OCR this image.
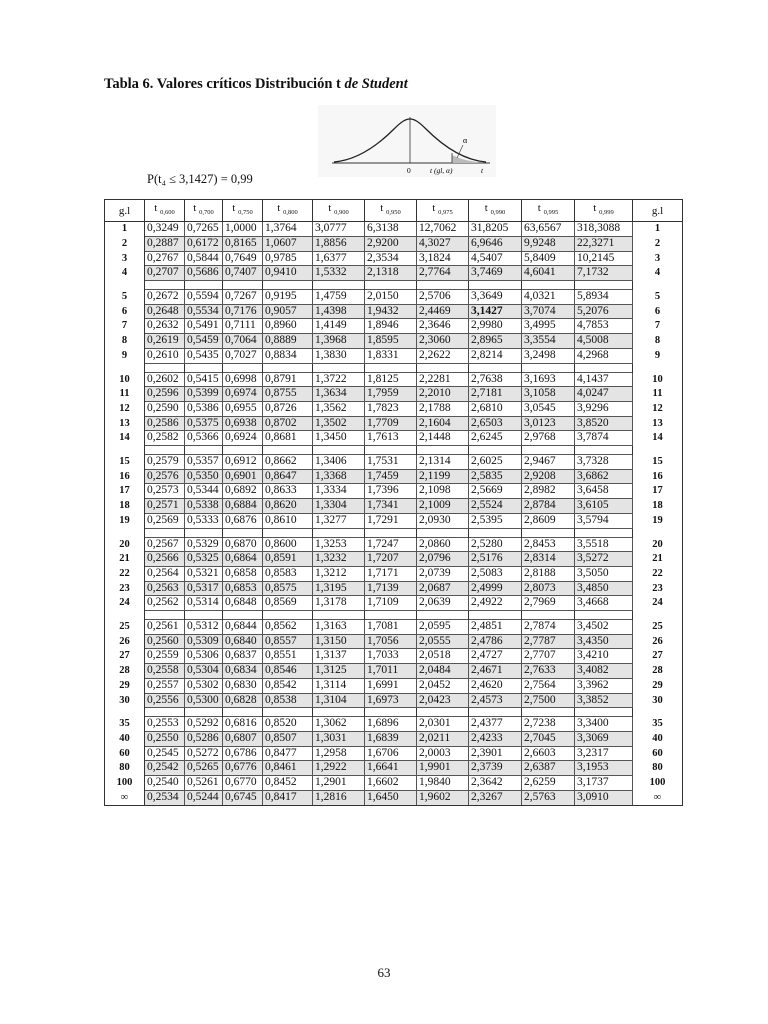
Tabla 6. Valores críticos Distribución t de Student
α
0	t (gl, α)	t
P(t₄ ≤ 3,1427) = 0,99
g.l	t $_{0,600}$	t $_{0,700}$	t $_{0,750}$	t $_{0,800}$	t $_{0,900}$	t $_{0,950}$	t $_{0,975}$	t $_{0,990}$	t $_{0,995}$	t $_{0,999}$	g.l
1	0,3249	0,7265	1,0000	1,3764	3,0777	6,3138	12,7062	31,8205	63,6567	318,3088	1
2	0,2887	0,6172	0,8165	1,0607	1,8856	2,9200	4,3027	6,9646	9,9248	22,3271	2
3	0,2767	0,5844	0,7649	0,9785	1,6377	2,3534	3,1824	4,5407	5,8409	10,2145	3
4	0,2707	0,5686	0,7407	0,9410	1,5332	2,1318	2,7764	3,7469	4,6041	7,1732	4

5	0,2672	0,5594	0,7267	0,9195	1,4759	2,0150	2,5706	3,3649	4,0321	5,8934	5
6	0,2648	0,5534	0,7176	0,9057	1,4398	1,9432	2,4469	3,1427	3,7074	5,2076	6
7	0,2632	0,5491	0,7111	0,8960	1,4149	1,8946	2,3646	2,9980	3,4995	4,7853	7
8	0,2619	0,5459	0,7064	0,8889	1,3968	1,8595	2,3060	2,8965	3,3554	4,5008	8
9	0,2610	0,5435	0,7027	0,8834	1,3830	1,8331	2,2622	2,8214	3,2498	4,2968	9

10	0,2602	0,5415	0,6998	0,8791	1,3722	1,8125	2,2281	2,7638	3,1693	4,1437	10
11	0,2596	0,5399	0,6974	0,8755	1,3634	1,7959	2,2010	2,7181	3,1058	4,0247	11
12	0,2590	0,5386	0,6955	0,8726	1,3562	1,7823	2,1788	2,6810	3,0545	3,9296	12
13	0,2586	0,5375	0,6938	0,8702	1,3502	1,7709	2,1604	2,6503	3,0123	3,8520	13
14	0,2582	0,5366	0,6924	0,8681	1,3450	1,7613	2,1448	2,6245	2,9768	3,7874	14

15	0,2579	0,5357	0,6912	0,8662	1,3406	1,7531	2,1314	2,6025	2,9467	3,7328	15
16	0,2576	0,5350	0,6901	0,8647	1,3368	1,7459	2,1199	2,5835	2,9208	3,6862	16
17	0,2573	0,5344	0,6892	0,8633	1,3334	1,7396	2,1098	2,5669	2,8982	3,6458	17
18	0,2571	0,5338	0,6884	0,8620	1,3304	1,7341	2,1009	2,5524	2,8784	3,6105	18
19	0,2569	0,5333	0,6876	0,8610	1,3277	1,7291	2,0930	2,5395	2,8609	3,5794	19

20	0,2567	0,5329	0,6870	0,8600	1,3253	1,7247	2,0860	2,5280	2,8453	3,5518	20
21	0,2566	0,5325	0,6864	0,8591	1,3232	1,7207	2,0796	2,5176	2,8314	3,5272	21
22	0,2564	0,5321	0,6858	0,8583	1,3212	1,7171	2,0739	2,5083	2,8188	3,5050	22
23	0,2563	0,5317	0,6853	0,8575	1,3195	1,7139	2,0687	2,4999	2,8073	3,4850	23
24	0,2562	0,5314	0,6848	0,8569	1,3178	1,7109	2,0639	2,4922	2,7969	3,4668	24

25	0,2561	0,5312	0,6844	0,8562	1,3163	1,7081	2,0595	2,4851	2,7874	3,4502	25
26	0,2560	0,5309	0,6840	0,8557	1,3150	1,7056	2,0555	2,4786	2,7787	3,4350	26
27	0,2559	0,5306	0,6837	0,8551	1,3137	1,7033	2,0518	2,4727	2,7707	3,4210	27
28	0,2558	0,5304	0,6834	0,8546	1,3125	1,7011	2,0484	2,4671	2,7633	3,4082	28
29	0,2557	0,5302	0,6830	0,8542	1,3114	1,6991	2,0452	2,4620	2,7564	3,3962	29
30	0,2556	0,5300	0,6828	0,8538	1,3104	1,6973	2,0423	2,4573	2,7500	3,3852	30

35	0,2553	0,5292	0,6816	0,8520	1,3062	1,6896	2,0301	2,4377	2,7238	3,3400	35
40	0,2550	0,5286	0,6807	0,8507	1,3031	1,6839	2,0211	2,4233	2,7045	3,3069	40
60	0,2545	0,5272	0,6786	0,8477	1,2958	1,6706	2,0003	2,3901	2,6603	3,2317	60
80	0,2542	0,5265	0,6776	0,8461	1,2922	1,6641	1,9901	2,3739	2,6387	3,1953	80
100	0,2540	0,5261	0,6770	0,8452	1,2901	1,6602	1,9840	2,3642	2,6259	3,1737	100
∞	0,2534	0,5244	0,6745	0,8417	1,2816	1,6450	1,9602	2,3267	2,5763	3,0910	∞
63
